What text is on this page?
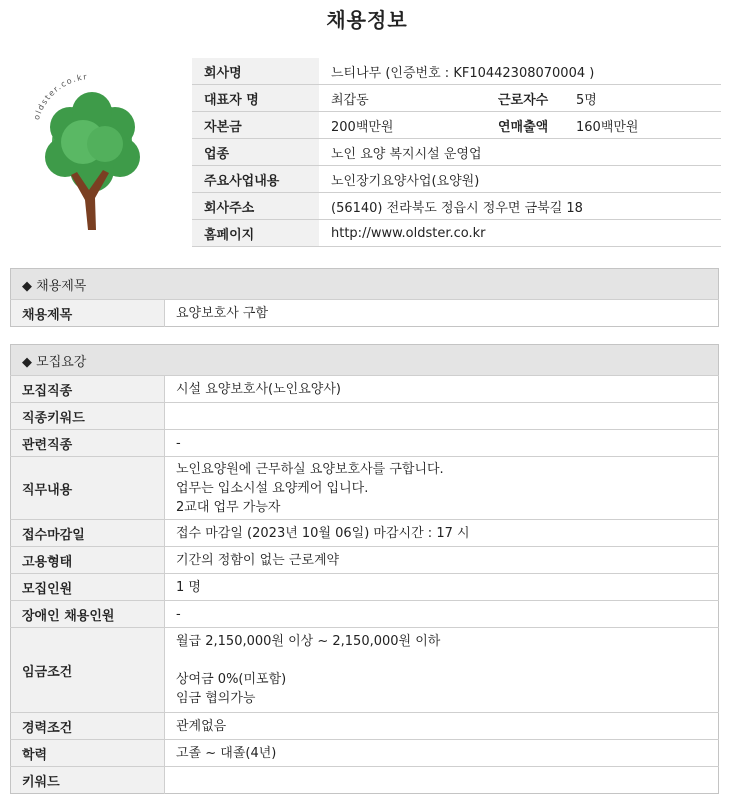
채용정보
oldster.co.kr	회사명	느티나무 (인증번호 : KF10442308070004 )		
대표자 명	최갑동	근로자수	5명
자본금	200백만원	연매출액	160백만원
업종	노인 요양 복지시설 운영업		
주요사업내용	노인장기요양사업(요양원)		
회사주소	(56140) 전라북도 정읍시 정우면 금북길 18		
홈페이지	http://www.oldster.co.kr		
◆ 채용제목
채용제목	요양보호사 구함
◆ 모집요강	
모집직종	시설 요양보호사(노인요양사)
직종키워드	
관련직종	-
직무내용	노인요양원에 근무하실 요양보호사를 구합니다.
업무는 입소시설 요양케어 입니다.
2교대 업무 가능자

접수마감일	접수 마감일 (2023년 10월 06일) 마감시간 : 17 시
고용형태	기간의 정함이 없는 근로계약
모집인원	1 명
장애인 채용인원	-
임금조건	월급 2,150,000원 이상 ~ 2,150,000원 이하
상여금 0%(미포함)
임금 협의가능

경력조건	관계없음
학력	고졸 ~ 대졸(4년)
키워드	
